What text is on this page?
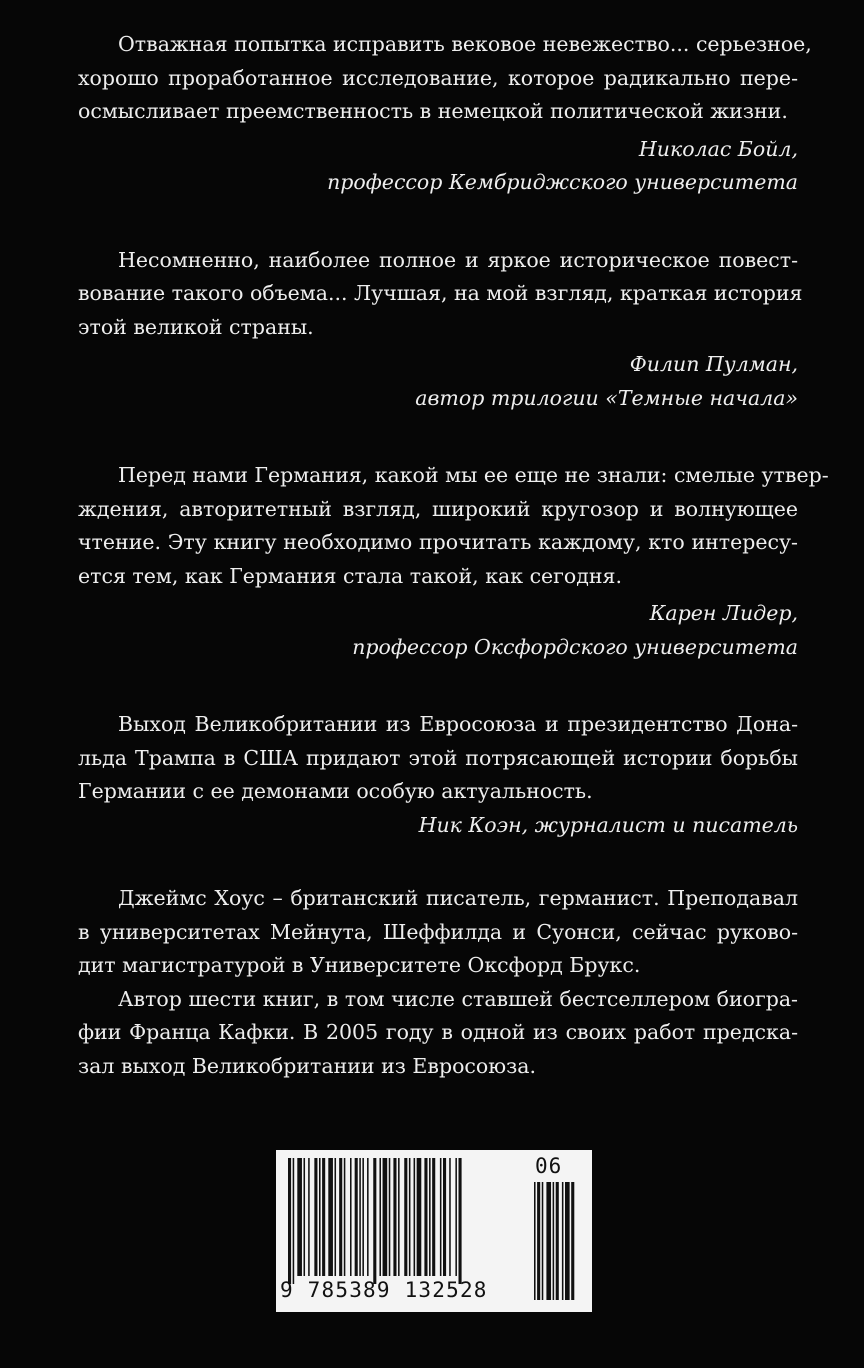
Отважная попытка исправить вековое невежество... серьезное,
хорошо проработанное исследование, которое радикально пере-
осмысливает преемственность в немецкой политической жизни.

Николас Бойл,
профессор Кембриджского университета

Несомненно, наиболее полное и яркое историческое повест-
вование такого объема... Лучшая, на мой взгляд, краткая история
этой великой страны.

Филип Пулман,
автор трилогии «Темные начала»

Перед нами Германия, какой мы ее еще не знали: смелые утвер-
ждения, авторитетный взгляд, широкий кругозор и волнующее
чтение. Эту книгу необходимо прочитать каждому, кто интересу-
ется тем, как Германия стала такой, как сегодня.

Карен Лидер,
профессор Оксфордского университета

Выход Великобритании из Евросоюза и президентство Дона-
льда Трампа в США придают этой потрясающей истории борьбы
Германии с ее демонами особую актуальность.

Ник Коэн, журналист и писатель

Джеймс Хоус – британский писатель, германист. Преподавал
в университетах Мейнута, Шеффилда и Суонси, сейчас руково-
дит магистратурой в Университете Оксфорд Брукс.

Автор шести книг, в том числе ставшей бестселлером биогра-
фии Франца Кафки. В 2005 году в одной из своих работ предска-
зал выход Великобритании из Евросоюза.

9 785389 132528
06
